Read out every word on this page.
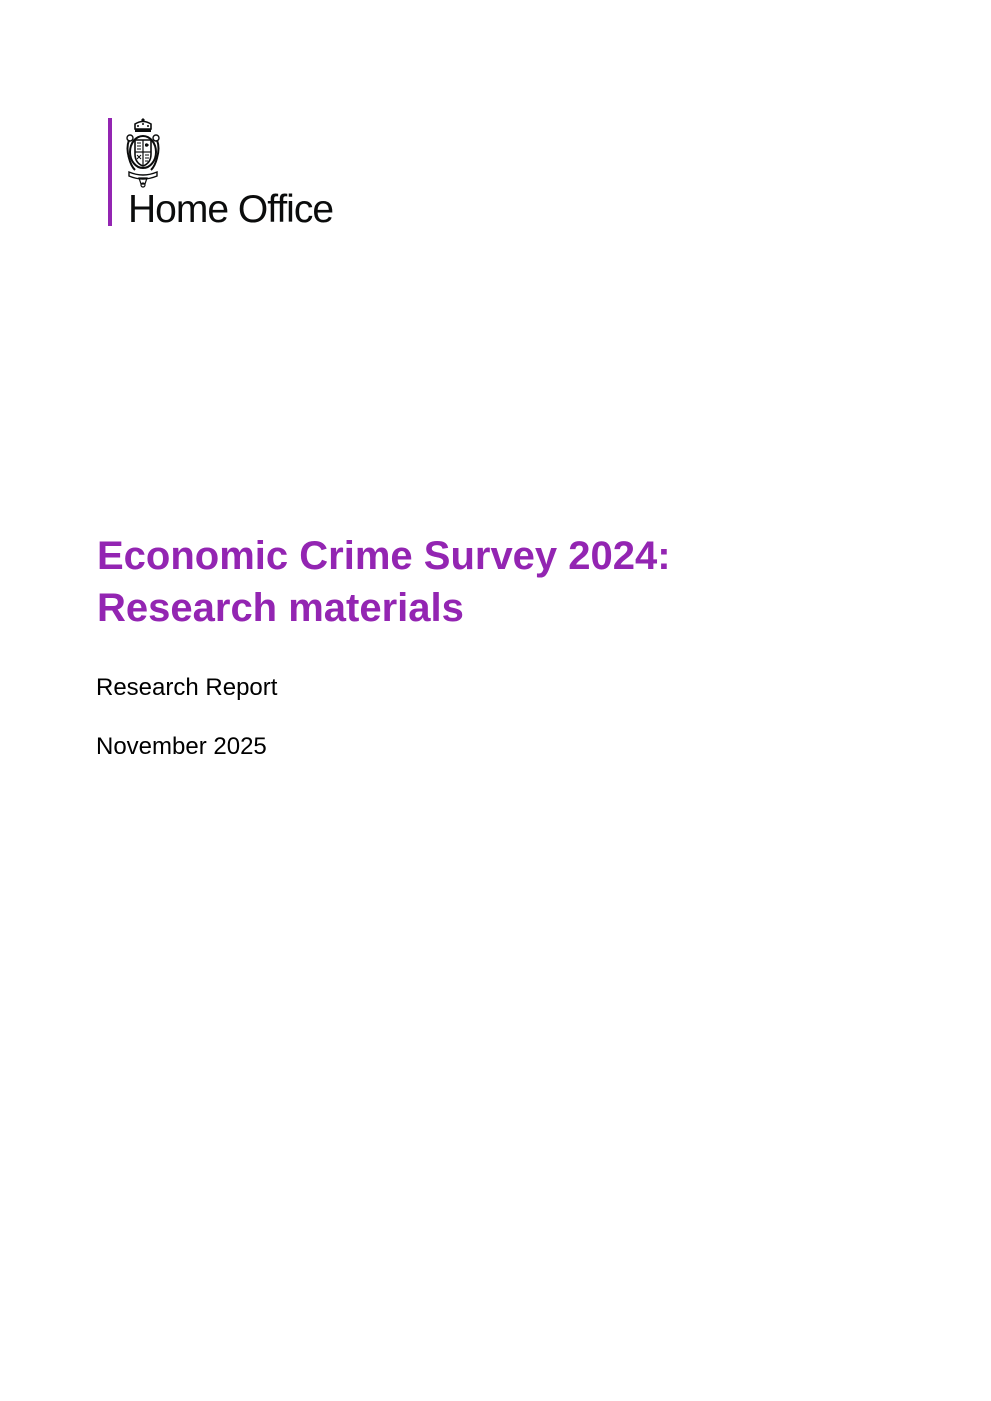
Home Office
Economic Crime Survey 2024:
Research materials

Research Report

November 2025
